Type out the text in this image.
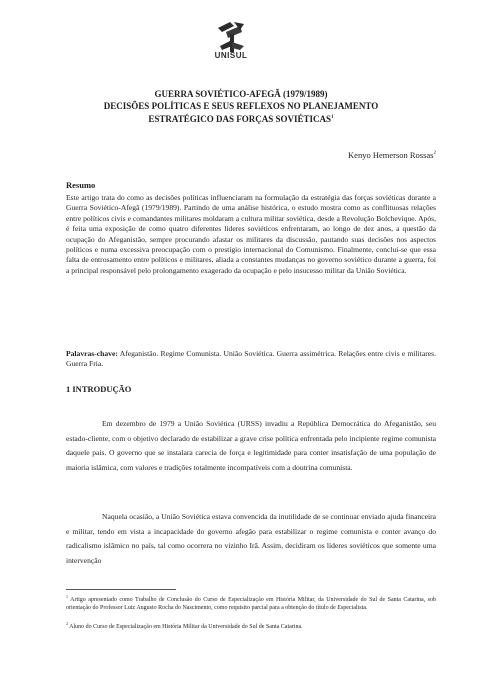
UNISUL

GUERRA SOVIÉTICO-AFEGÃ (1979/1989)
DECISÕES POLÍTICAS E SEUS REFLEXOS NO PLANEJAMENTO
ESTRATÉGICO DAS FORÇAS SOVIÉTICAS$^1$

Kenyo Hemerson Rossas$^2$

Resumo

Este artigo trata do como as decisões políticas influenciaram na formulação da estratégia das forças soviéticas durante a Guerra Soviético-Afegã (1979/1989). Partindo de uma análise histórica, o estudo mostra como as conflituosas relações entre políticos civis e comandantes militares moldaram a cultura militar soviética, desde a Revolução Bolchevique. Após, é feita uma exposição de como quatro diferentes líderes soviéticos enfrentaram, ao longo de dez anos, a questão da ocupação do Afeganistão, sempre procurando afastar os militares da discussão, pautando suas decisões nos aspectos políticos e numa excessiva preocupação com o prestígio internacional do Comunismo. Finalmente, conclui-se que essa falta de entrosamento entre políticos e militares, aliada a constantes mudanças no governo soviético durante a guerra, foi a principal responsável pelo prolongamento exagerado da ocupação e pelo insucesso militar da União Soviética.

Palavras-chave: Afeganistão. Regime Comunista. União Soviética. Guerra assimétrica. Relações entre civis e militares. Guerra Fria.

1 INTRODUÇÃO

Em dezembro de 1979 a União Soviética (URSS) invadiu a República Democrática do Afeganistão, seu estado-cliente, com o objetivo declarado de estabilizar a grave crise política enfrentada pelo incipiente regime comunista daquele país. O governo que se instalara carecia de força e legitimidade para conter insatisfação de uma população de maioria islâmica, com valores e tradições totalmente incompatíveis com a doutrina comunista.

Naquela ocasião, a União Soviética estava convencida da inutilidade de se continuar enviado ajuda financeira e militar, tendo em vista a incapacidade do governo afegão para estabilizar o regime comunista e conter avanço do radicalismo islâmico no país, tal como ocorrera no vizinho Irã. Assim, decidiram os líderes soviéticos que somente uma intervenção

$^1$ Artigo apresentado como Trabalho de Conclusão do Curso de Especialização em História Militar, da Universidade do Sul de Santa Catarina, sob orientação do Professor Luiz Augusto Rocha do Nascimento, como requisito parcial para a obtenção do título de Especialista.

$^2$ Aluno do Curso de Especialização em História Militar da Universidade do Sul de Santa Catarina.
